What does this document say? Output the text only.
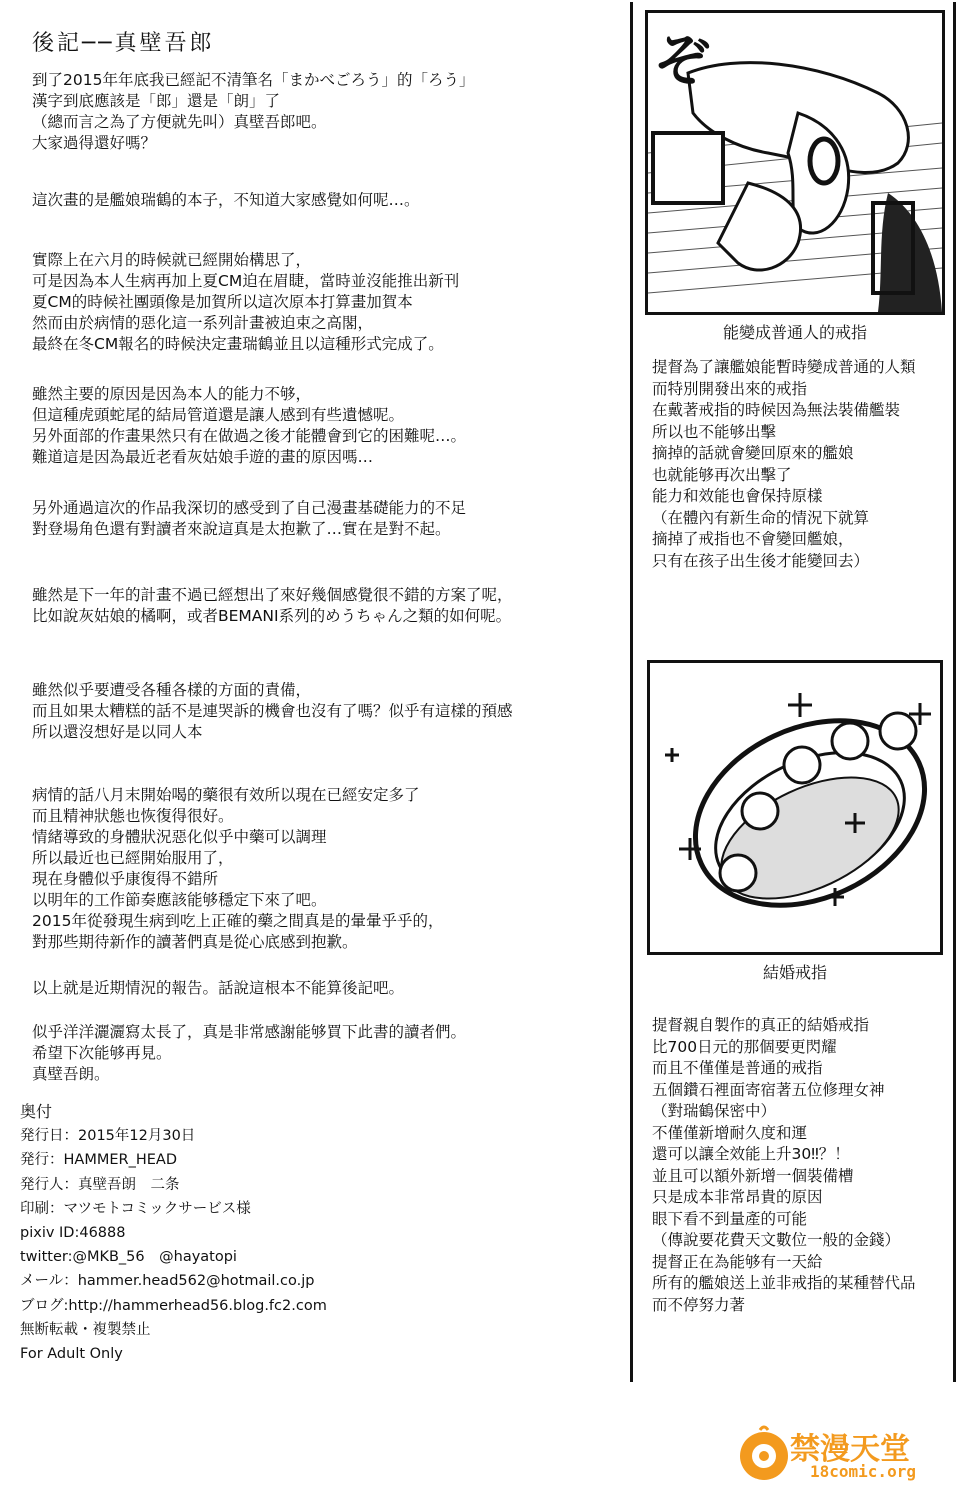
後記──真壁吾郎
到了2015年年底我已經記不清筆名「まかべごろう」的「ろう」
漢字到底應該是「郎」還是「朗」了
（總而言之為了方便就先叫）真壁吾郎吧。
大家過得還好嗎？
這次畫的是艦娘瑞鶴的本子，不知道大家感覺如何呢…。
實際上在六月的時候就已經開始構思了，
可是因為本人生病再加上夏CM迫在眉睫，當時並沒能推出新刊
夏CM的時候社團頭像是加賀所以這次原本打算畫加賀本
然而由於病情的惡化這一系列計畫被迫束之高閣，
最終在冬CM報名的時候決定畫瑞鶴並且以這種形式完成了。
雖然主要的原因是因為本人的能力不够，
但這種虎頭蛇尾的結局管道還是讓人感到有些遺憾呢。
另外面部的作畫果然只有在做過之後才能體會到它的困難呢…。
難道這是因為最近老看灰姑娘手遊的畫的原因嗎…
另外通過這次的作品我深切的感受到了自己漫畫基礎能力的不足
對登場角色還有對讀者來說這真是太抱歉了…實在是對不起。
雖然是下一年的計畫不過已經想出了來好幾個感覺很不錯的方案了呢，
比如說灰姑娘的橘啊，或者BEMANI系列的めうちゃん之類的如何呢。
雖然似乎要遭受各種各樣的方面的責備，
而且如果太糟糕的話不是連哭訴的機會也沒有了嗎？似乎有這樣的預感
所以還沒想好是以同人本
病情的話八月末開始喝的藥很有效所以現在已經安定多了
而且精神狀態也恢復得很好。
情緒導致的身體狀況惡化似乎中藥可以調理
所以最近也已經開始服用了，
現在身體似乎康復得不錯所
以明年的工作節奏應該能够穩定下來了吧。
2015年從發現生病到吃上正確的藥之間真是的暈暈乎乎的，
對那些期待新作的讀著們真是從心底感到抱歉。
以上就是近期情況的報告。話說這根本不能算後記吧。
似乎洋洋灑灑寫太長了，真是非常感謝能够買下此書的讀者們。
希望下次能够再見。
真壁吾朗。
奥付
発行日：2015年12月30日
発行：HAMMER_HEAD
発行人：真壁吾朗　二条
印刷：マツモトコミックサービス様
pixiv ID:46888
twitter:@MKB_56　@hayatopi
メール：hammer.head562@hotmail.co.jp
ブログ:http://hammerhead56.blog.fc2.com
無断転載・複製禁止
For Adult Only
ぞ
能變成普通人的戒指
提督為了讓艦娘能暫時變成普通的人類
而特別開發出來的戒指
在戴著戒指的時候因為無法裝備艦裝
所以也不能够出擊
摘掉的話就會變回原來的艦娘
也就能够再次出擊了
能力和效能也會保持原樣
（在體內有新生命的情況下就算
摘掉了戒指也不會變回艦娘，
只有在孩子出生後才能變回去）
結婚戒指
提督親自製作的真正的結婚戒指
比700日元的那個要更閃耀
而且不僅僅是普通的戒指
五個鑽石裡面寄宿著五位修理女神
（對瑞鶴保密中）
不僅僅新增耐久度和運
還可以讓全效能上升30‼？！
並且可以額外新增一個裝備槽
只是成本非常昂貴的原因
眼下看不到量產的可能
（傳說要花費天文數位一般的金錢）
提督正在為能够有一天給
所有的艦娘送上並非戒指的某種替代品
而不停努力著
禁漫天堂
18comic.org
